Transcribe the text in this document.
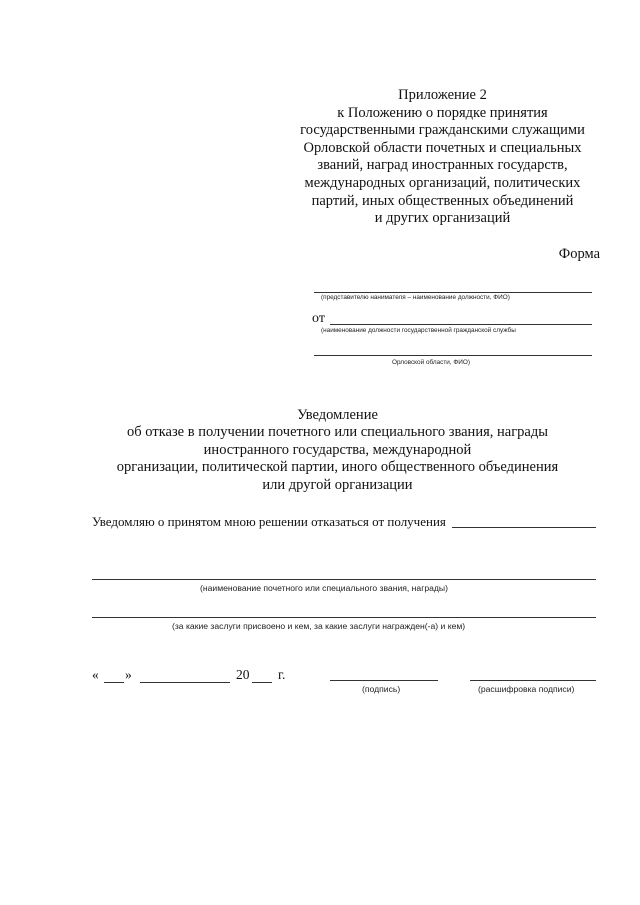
Приложение 2
к Положению о порядке принятия
государственными гражданскими служащими
Орловской области почетных и специальных
званий, наград иностранных государств,
международных организаций, политических
партий, иных общественных объединений
и других организаций
Форма
(представителю нанимателя – наименование должности, ФИО)
от
(наименование должности государственной гражданской службы
Орловской области, ФИО)
Уведомление
об отказе в получении почетного или специального звания, награды
иностранного государства, международной
организации, политической партии, иного общественного объединения
или другой организации
Уведомляю о принятом мною решении отказаться от получения
(наименование почетного или специального звания, награды)
(за какие заслуги присвоено и кем, за какие заслуги награжден(-а) и кем)
« »	20 г.
(подпись)	(расшифровка подписи)
